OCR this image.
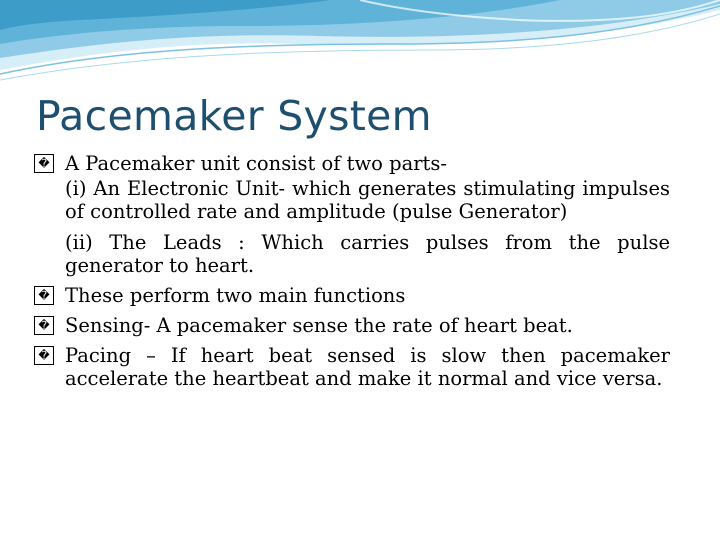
Pacemaker System

� A Pacemaker unit consist of two parts-

(i) An Electronic Unit- which generates stimulating impulses of controlled rate and amplitude (pulse Generator)

(ii) The Leads : Which carries pulses from the pulse generator to heart.

� These perform two main functions

� Sensing- A pacemaker sense the rate of heart beat.

� Pacing – If heart beat sensed is slow then pacemaker accelerate the heartbeat and make it normal and vice versa.
